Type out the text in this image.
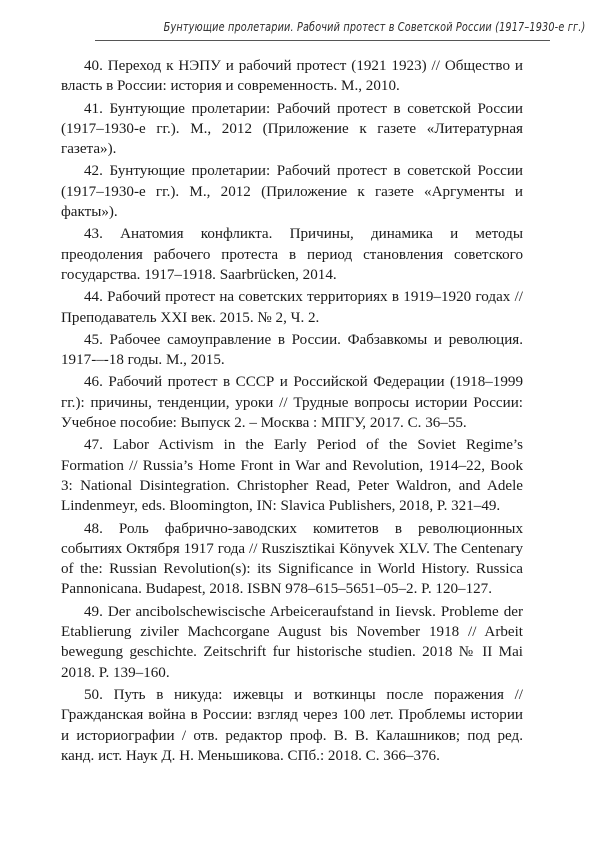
Бунтующие пролетарии. Рабочий протест в Советской России (1917–1930-е гг.)

40. Переход к НЭПУ и рабочий протест (1921 1923) // Общество и власть в России: история и современность. М., 2010.

41. Бунтующие пролетарии: Рабочий протест в советской России (1917–1930-е гг.). М., 2012 (Приложение к газете «Литературная газета»).

42. Бунтующие пролетарии: Рабочий протест в советской России (1917–1930-е гг.). М., 2012 (Приложение к газете «Аргументы и факты»).

43. Анатомия конфликта. Причины, динамика и методы преодоления рабочего протеста в период становления советского государства. 1917–1918. Saarbrücken, 2014.

44. Рабочий протест на советских территориях в 1919–1920 годах // Преподаватель XXI век. 2015. № 2, Ч. 2.

45. Рабочее самоуправление в России. Фабзавкомы и революция. 1917-–-18 годы. М., 2015.

46. Рабочий протест в СССР и Российской Федерации (1918–1999 гг.): причины, тенденции, уроки // Трудные вопросы истории России: Учебное пособие: Выпуск 2. – Москва : МПГУ, 2017. С. 36–55.

47. Labor Activism in the Early Period of the Soviet Regime’s Formation // Russia’s Home Front in War and Revolution, 1914–22, Book 3: National Disintegration. Christopher Read, Peter Waldron, and Adele Lindenmeyr, eds. Bloomington, IN: Slavica Publishers, 2018, P. 321–49.

48. Роль фабрично-заводских комитетов в революционных событиях Октября 1917 года // Ruszisztikai Könyvek XLV. The Centenary of the: Russian Revolution(s): its Significance in World History. Russica Pannonicana. Budapest, 2018. ISBN 978–615–5651–05–2. P. 120–127.

49. Der ancibolschewiscische Arbeiceraufstand in Iievsk. Probleme der Etablierung ziviler Machcorgane August bis November 1918 // Arbeit bewegung geschichte. Zeitschrift fur historische studien. 2018 № II Mai 2018. P. 139–160.

50. Путь в никуда: ижевцы и воткинцы после поражения // Гражданская война в России: взгляд через 100 лет. Проблемы истории и историографии / отв. редактор проф. В. В. Калашников; под ред. канд. ист. Наук Д. Н. Меньшикова. СПб.: 2018. С. 366–376.
